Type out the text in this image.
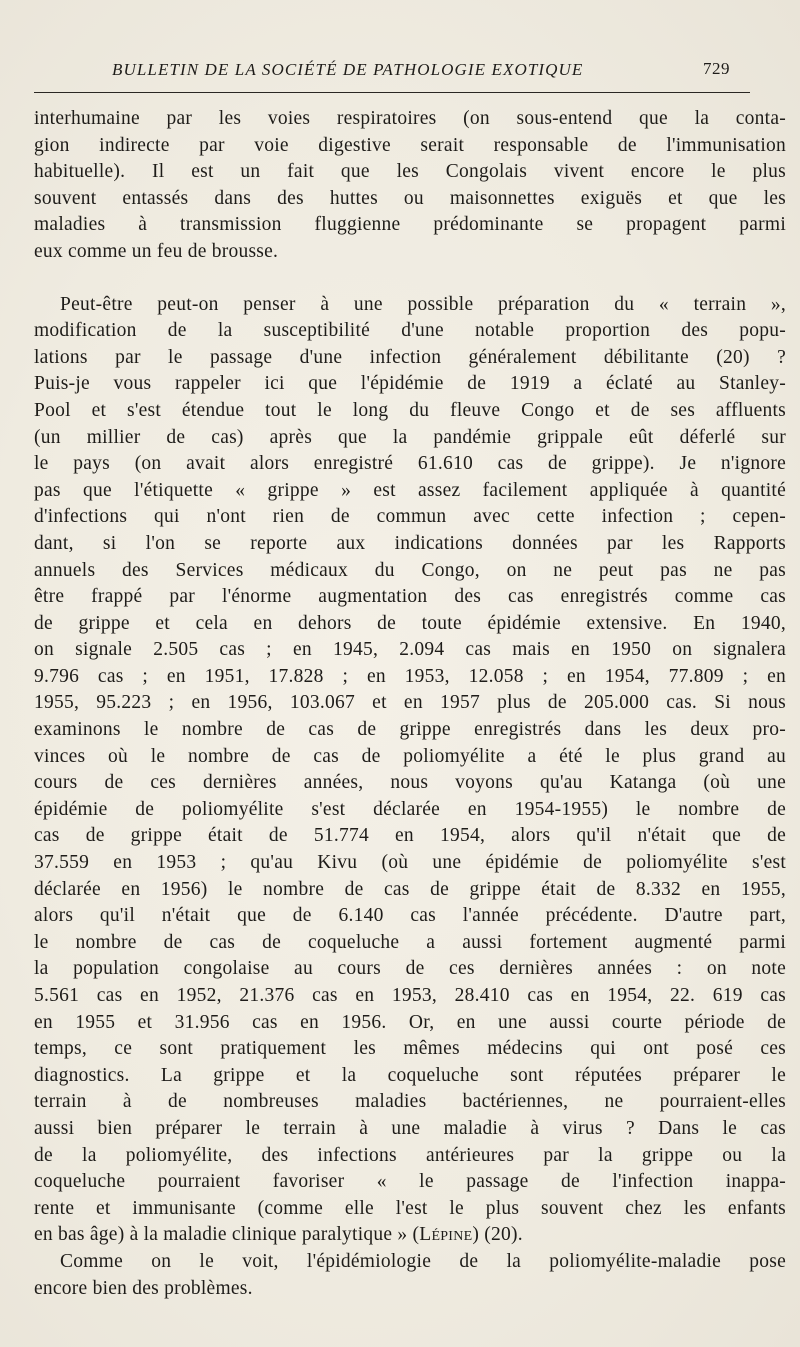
BULLETIN DE LA SOCIÉTÉ DE PATHOLOGIE EXOTIQUE	729
interhumaine par les voies respiratoires (on sous-entend que la conta-
gion indirecte par voie digestive serait responsable de l'immunisation
habituelle). Il est un fait que les Congolais vivent encore le plus
souvent entassés dans des huttes ou maisonnettes exiguës et que les
maladies à transmission fluggienne prédominante se propagent parmi
eux comme un feu de brousse.
Peut-être peut-on penser à une possible préparation du « terrain »,
modification de la susceptibilité d'une notable proportion des popu-
lations par le passage d'une infection généralement débilitante (20) ?
Puis-je vous rappeler ici que l'épidémie de 1919 a éclaté au Stanley-
Pool et s'est étendue tout le long du fleuve Congo et de ses affluents
(un millier de cas) après que la pandémie grippale eût déferlé sur
le pays (on avait alors enregistré 61.610 cas de grippe). Je n'ignore
pas que l'étiquette « grippe » est assez facilement appliquée à quantité
d'infections qui n'ont rien de commun avec cette infection ; cepen-
dant, si l'on se reporte aux indications données par les Rapports
annuels des Services médicaux du Congo, on ne peut pas ne pas
être frappé par l'énorme augmentation des cas enregistrés comme cas
de grippe et cela en dehors de toute épidémie extensive. En 1940,
on signale 2.505 cas ; en 1945, 2.094 cas mais en 1950 on signalera
9.796 cas ; en 1951, 17.828 ; en 1953, 12.058 ; en 1954, 77.809 ; en
1955, 95.223 ; en 1956, 103.067 et en 1957 plus de 205.000 cas. Si nous
examinons le nombre de cas de grippe enregistrés dans les deux pro-
vinces où le nombre de cas de poliomyélite a été le plus grand au
cours de ces dernières années, nous voyons qu'au Katanga (où une
épidémie de poliomyélite s'est déclarée en 1954-1955) le nombre de
cas de grippe était de 51.774 en 1954, alors qu'il n'était que de
37.559 en 1953 ; qu'au Kivu (où une épidémie de poliomyélite s'est
déclarée en 1956) le nombre de cas de grippe était de 8.332 en 1955,
alors qu'il n'était que de 6.140 cas l'année précédente. D'autre part,
le nombre de cas de coqueluche a aussi fortement augmenté parmi
la population congolaise au cours de ces dernières années : on note
5.561 cas en 1952, 21.376 cas en 1953, 28.410 cas en 1954, 22. 619 cas
en 1955 et 31.956 cas en 1956. Or, en une aussi courte période de
temps, ce sont pratiquement les mêmes médecins qui ont posé ces
diagnostics. La grippe et la coqueluche sont réputées préparer le
terrain à de nombreuses maladies bactériennes, ne pourraient-elles
aussi bien préparer le terrain à une maladie à virus ? Dans le cas
de la poliomyélite, des infections antérieures par la grippe ou la
coqueluche pourraient favoriser « le passage de l'infection inappa-
rente et immunisante (comme elle l'est le plus souvent chez les enfants
en bas âge) à la maladie clinique paralytique » (Lépine) (20).
Comme on le voit, l'épidémiologie de la poliomyélite-maladie pose
encore bien des problèmes.
